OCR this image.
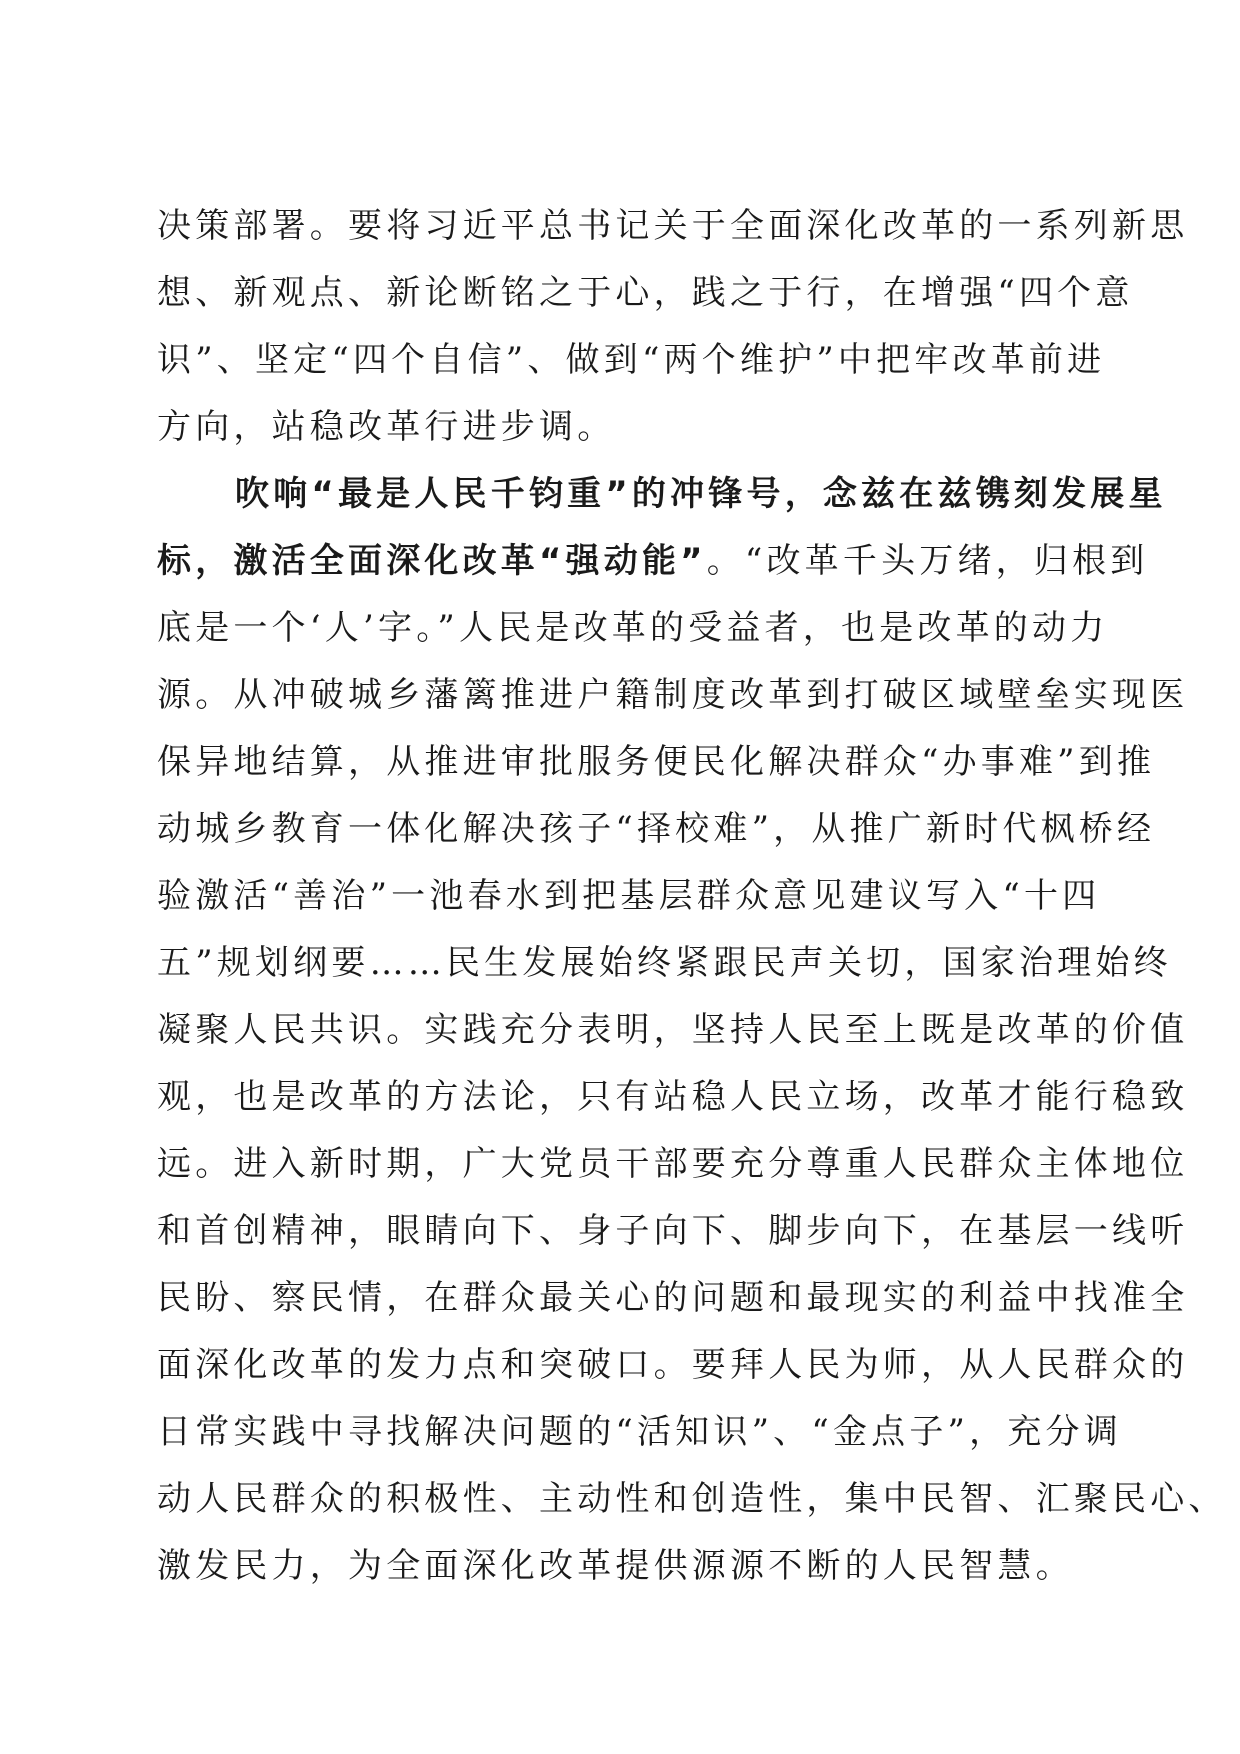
决策部署。要将习近平总书记关于全面深化改革的一系列新思
想、新观点、新论断铭之于心，践之于行，在增强“四个意
识”、坚定“四个自信”、做到“两个维护”中把牢改革前进
方向，站稳改革行进步调。
吹响“最是人民千钧重”的冲锋号，念兹在兹镌刻发展星
标，激活全面深化改革“强动能”。“改革千头万绪，归根到
底是一个‘人’字。”人民是改革的受益者，也是改革的动力
源。从冲破城乡藩篱推进户籍制度改革到打破区域壁垒实现医
保异地结算，从推进审批服务便民化解决群众“办事难”到推
动城乡教育一体化解决孩子“择校难”，从推广新时代枫桥经
验激活“善治”一池春水到把基层群众意见建议写入“十四
五”规划纲要……民生发展始终紧跟民声关切，国家治理始终
凝聚人民共识。实践充分表明，坚持人民至上既是改革的价值
观，也是改革的方法论，只有站稳人民立场，改革才能行稳致
远。进入新时期，广大党员干部要充分尊重人民群众主体地位
和首创精神，眼睛向下、身子向下、脚步向下，在基层一线听
民盼、察民情，在群众最关心的问题和最现实的利益中找准全
面深化改革的发力点和突破口。要拜人民为师，从人民群众的
日常实践中寻找解决问题的“活知识”、“金点子”，充分调
动人民群众的积极性、主动性和创造性，集中民智、汇聚民心、
激发民力，为全面深化改革提供源源不断的人民智慧。
